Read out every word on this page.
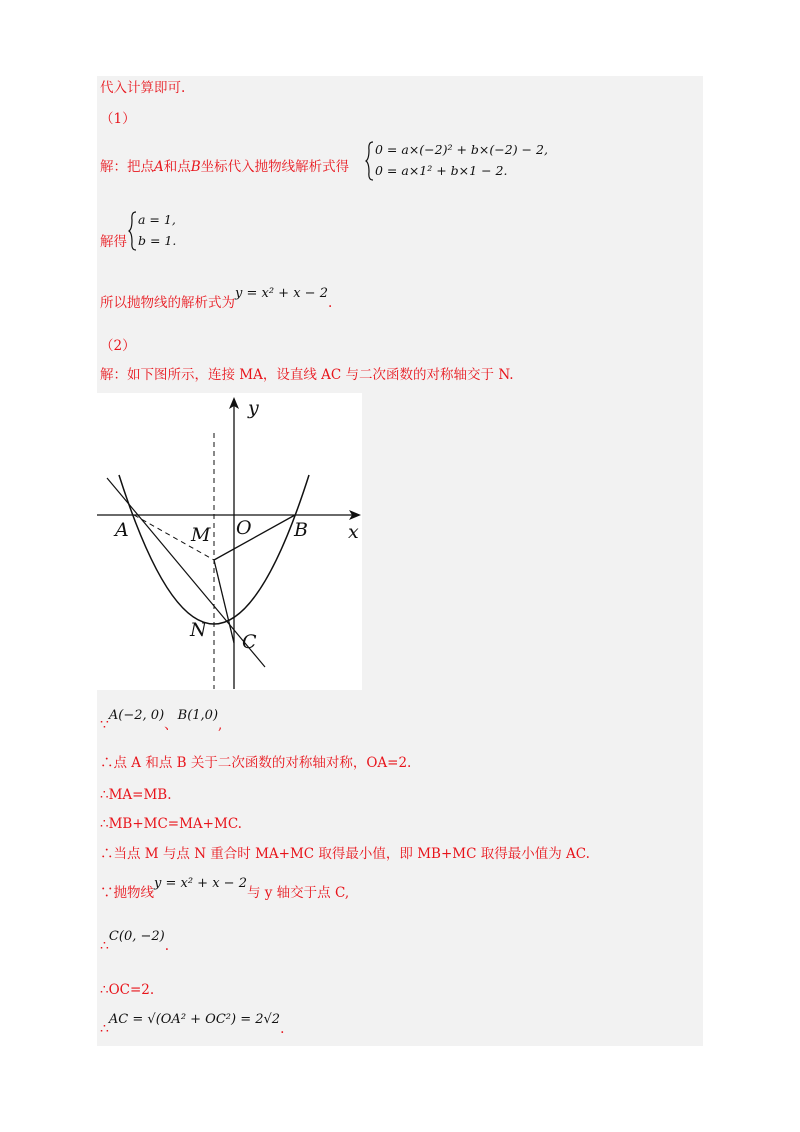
代入计算即可.
（1）
解：把点A和点B坐标代入抛物线解析式得
0 = a×(−2)² + b×(−2) − 2,
0 = a×1² + b×1 − 2.
解得
a = 1,
b = 1.
所以抛物线的解析式为y = x² + x − 2.
（2）
解：如下图所示，连接 MA，设直线 AC 与二次函数的对称轴交于 N.
y
x
A	B
O
M
N
C
∵A(−2, 0)、B(1,0),
∴点 A 和点 B 关于二次函数的对称轴对称，OA=2.
∴MA=MB.
∴MB+MC=MA+MC.
∴当点 M 与点 N 重合时 MA+MC 取得最小值，即 MB+MC 取得最小值为 AC.
∵抛物线y = x² + x − 2与 y 轴交于点 C,
∴C(0, −2).
∴OC=2.
∴AC = √(OA² + OC²) = 2√2.
